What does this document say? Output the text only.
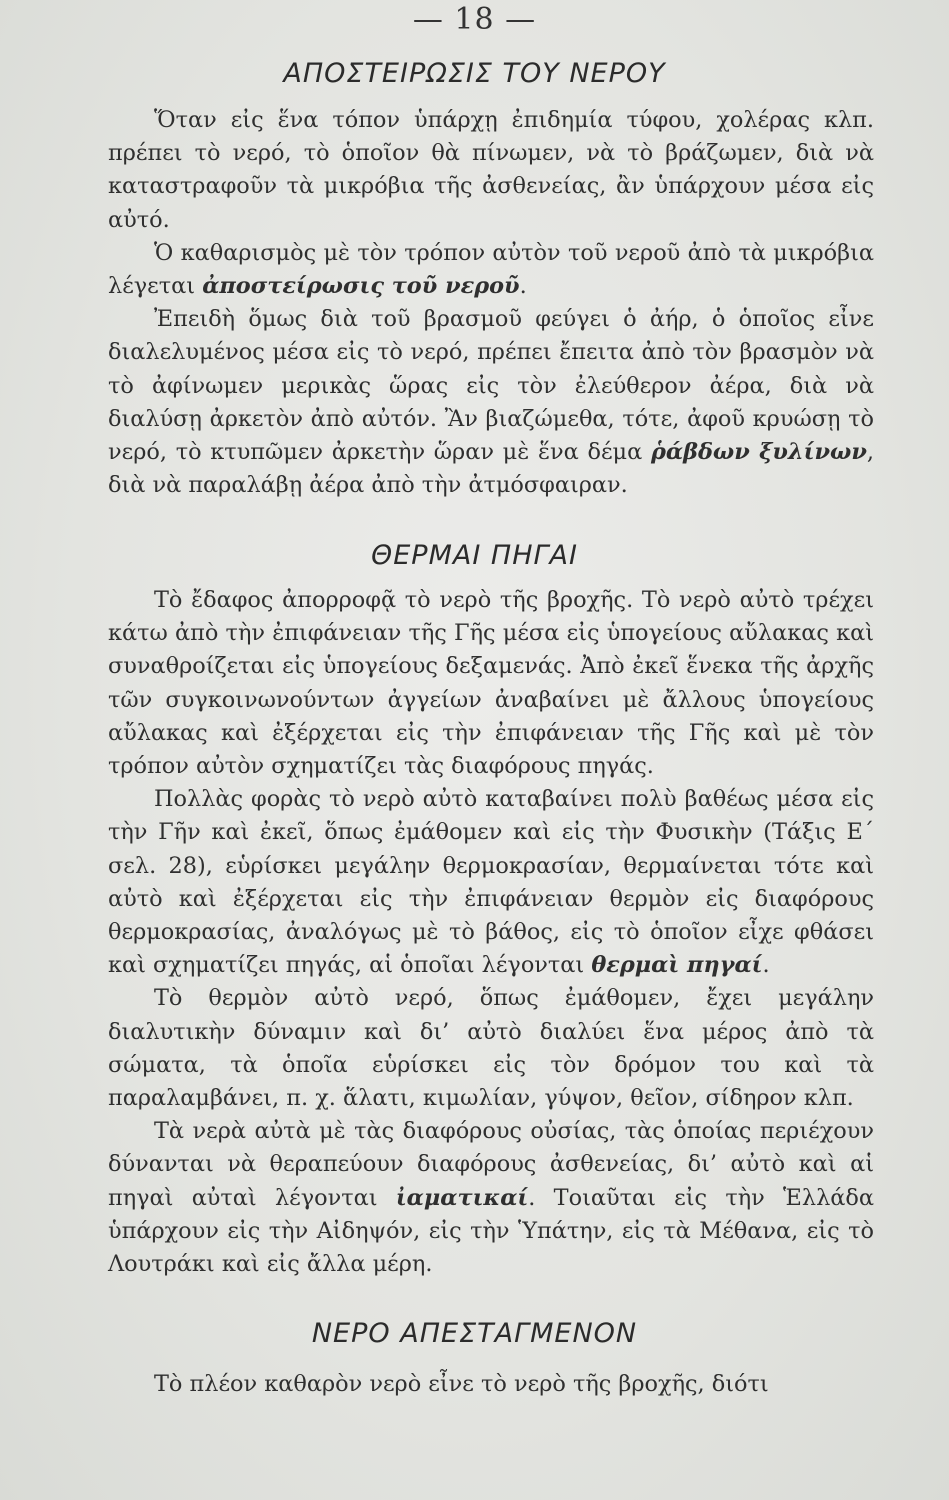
— 18 —
ΑΠΟΣΤΕΙΡΩΣΙΣ ΤΟΥ ΝΕΡΟΥ

Ὅταν εἰς ἕνα τόπον ὑπάρχῃ ἐπιδημία τύφου, χολέρας κλπ. πρέπει τὸ νερό, τὸ ὁποῖον θὰ πίνωμεν, νὰ τὸ βράζωμεν, διὰ νὰ καταστραφοῦν τὰ μικρόβια τῆς ἀσθενείας, ἂν ὑπάρχουν μέσα εἰς αὐτό.

Ὁ καθαρισμὸς μὲ τὸν τρόπον αὐτὸν τοῦ νεροῦ ἀπὸ τὰ μικρόβια λέγεται ἀποστείρωσις τοῦ νεροῦ.

Ἐπειδὴ ὅμως διὰ τοῦ βρασμοῦ φεύγει ὁ ἀήρ, ὁ ὁποῖος εἶνε διαλελυμένος μέσα εἰς τὸ νερό, πρέπει ἔπειτα ἀπὸ τὸν βρασμὸν νὰ τὸ ἀφίνωμεν μερικὰς ὥρας εἰς τὸν ἐλεύθερον ἀέρα, διὰ νὰ διαλύσῃ ἀρκετὸν ἀπὸ αὐτόν. Ἂν βιαζώμεθα, τότε, ἀφοῦ κρυώσῃ τὸ νερό, τὸ κτυπῶμεν ἀρκετὴν ὥραν μὲ ἕνα δέμα ῥάβδων ξυλίνων, διὰ νὰ παραλάβῃ ἀέρα ἀπὸ τὴν ἀτμόσφαιραν.

ΘΕΡΜΑΙ ΠΗΓΑΙ

Τὸ ἔδαφος ἀπορροφᾷ τὸ νερὸ τῆς βροχῆς. Τὸ νερὸ αὐτὸ τρέχει κάτω ἀπὸ τὴν ἐπιφάνειαν τῆς Γῆς μέσα εἰς ὑπογείους αὔλακας καὶ συναθροίζεται εἰς ὑπογείους δεξαμενάς. Ἀπὸ ἐκεῖ ἕνεκα τῆς ἀρχῆς τῶν συγκοινωνούντων ἀγγείων ἀναβαίνει μὲ ἄλλους ὑπογείους αὔλακας καὶ ἐξέρχεται εἰς τὴν ἐπιφάνειαν τῆς Γῆς καὶ μὲ τὸν τρόπον αὐτὸν σχηματίζει τὰς διαφόρους πηγάς.

Πολλὰς φορὰς τὸ νερὸ αὐτὸ καταβαίνει πολὺ βαθέως μέσα εἰς τὴν Γῆν καὶ ἐκεῖ, ὅπως ἐμάθομεν καὶ εἰς τὴν Φυσικὴν (Τάξις Ε΄ σελ. 28), εὑρίσκει μεγάλην θερμοκρασίαν, θερμαίνεται τότε καὶ αὐτὸ καὶ ἐξέρχεται εἰς τὴν ἐπιφάνειαν θερμὸν εἰς διαφόρους θερμοκρασίας, ἀναλόγως μὲ τὸ βάθος, εἰς τὸ ὁποῖον εἶχε φθάσει καὶ σχηματίζει πηγάς, αἱ ὁποῖαι λέγονται θερμαὶ πηγαί.

Τὸ θερμὸν αὐτὸ νερό, ὅπως ἐμάθομεν, ἔχει μεγάλην διαλυτικὴν δύναμιν καὶ δι’ αὐτὸ διαλύει ἕνα μέρος ἀπὸ τὰ σώματα, τὰ ὁποῖα εὑρίσκει εἰς τὸν δρόμον του καὶ τὰ παραλαμβάνει, π. χ. ἅλατι, κιμωλίαν, γύψον, θεῖον, σίδηρον κλπ.

Τὰ νερὰ αὐτὰ μὲ τὰς διαφόρους οὐσίας, τὰς ὁποίας περιέχουν δύνανται νὰ θεραπεύουν διαφόρους ἀσθενείας, δι’ αὐτὸ καὶ αἱ πηγαὶ αὐταὶ λέγονται ἰαματικαί. Τοιαῦται εἰς τὴν Ἑλλάδα ὑπάρχουν εἰς τὴν Αἰδηψόν, εἰς τὴν Ὑπάτην, εἰς τὰ Μέθανα, εἰς τὸ Λουτράκι καὶ εἰς ἄλλα μέρη.

ΝΕΡΟ ΑΠΕΣΤΑΓΜΕΝΟΝ

Τὸ πλέον καθαρὸν νερὸ εἶνε τὸ νερὸ τῆς βροχῆς, διότι
